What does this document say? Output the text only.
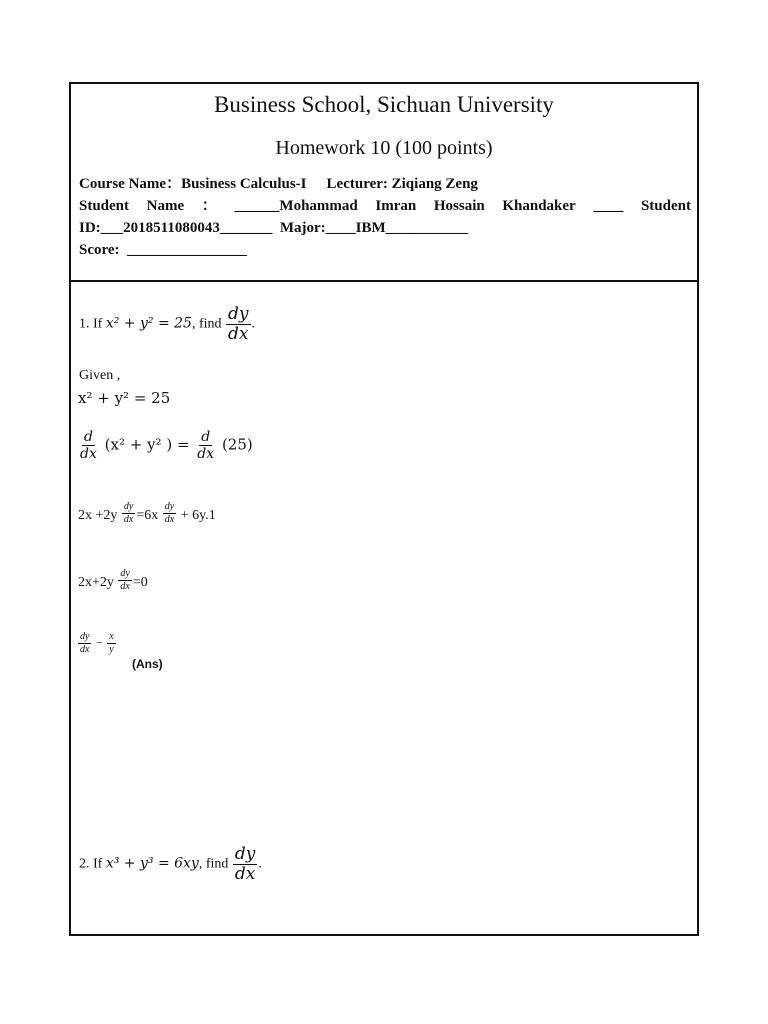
Business School, Sichuan University
Homework 10 (100 points)
Course Name：Business Calculus-I Lecturer: Ziqiang Zeng
Student Name ： ______Mohammad Imran Hossain Khandaker ____ Student
ID:___2018511080043_______  Major:____IBM___________
Score:  ________________
1. If x² + y² = 25, find $\frac{dy}{dx}$ .
Given ,
x² + y² = 25
$\frac{d}{dx} (x^2 + y^2$ ) = $\frac{d}{dx} (25)$
$2x +2y \frac{dy}{dx} =6x \frac{dy}{dx} + 6y.1$
$2x+2y \frac{dy}{dx} =0$
$\frac{dy}{dx} - \frac{x}{y}$
(Ans)
2. If x³ + y³ = 6xy, find $\frac{dy}{dx}$ .
